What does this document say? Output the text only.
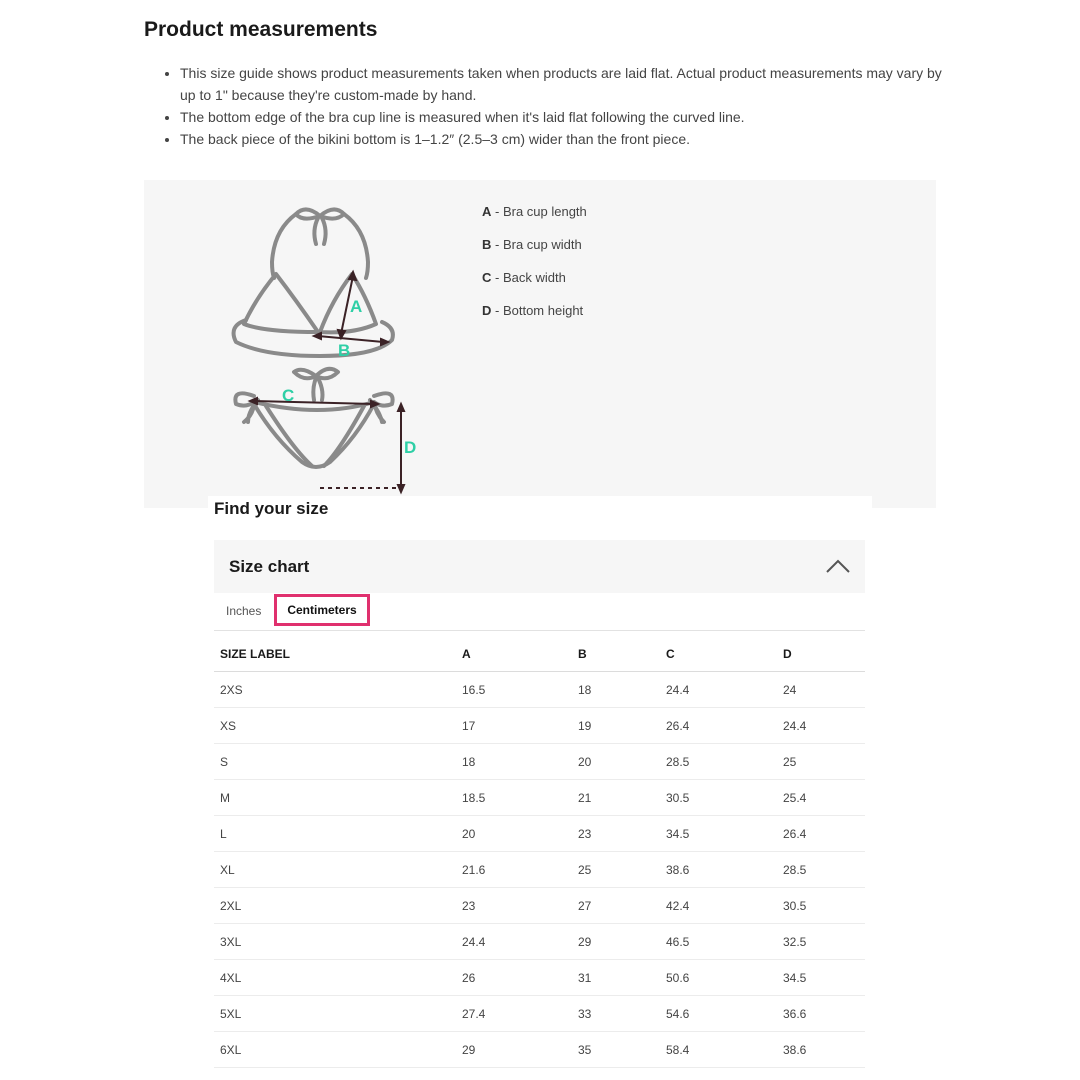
Product measurements
• This size guide shows product measurements taken when products are laid flat. Actual product measurements may vary by up to 1" because they're custom-made by hand.
• The bottom edge of the bra cup line is measured when it's laid flat following the curved line.
• The back piece of the bikini bottom is 1–1.2″ (2.5–3 cm) wider than the front piece.
A
B
C
D
A - Bra cup length
B - Bra cup width
C - Back width
D - Bottom height
Find your size
Size chart
Inches	Centimeters
SIZE LABEL	A	B	C	D
2XS	16.5	18	24.4	24
XS	17	19	26.4	24.4
S	18	20	28.5	25
M	18.5	21	30.5	25.4
L	20	23	34.5	26.4
XL	21.6	25	38.6	28.5
2XL	23	27	42.4	30.5
3XL	24.4	29	46.5	32.5
4XL	26	31	50.6	34.5
5XL	27.4	33	54.6	36.6
6XL	29	35	58.4	38.6
